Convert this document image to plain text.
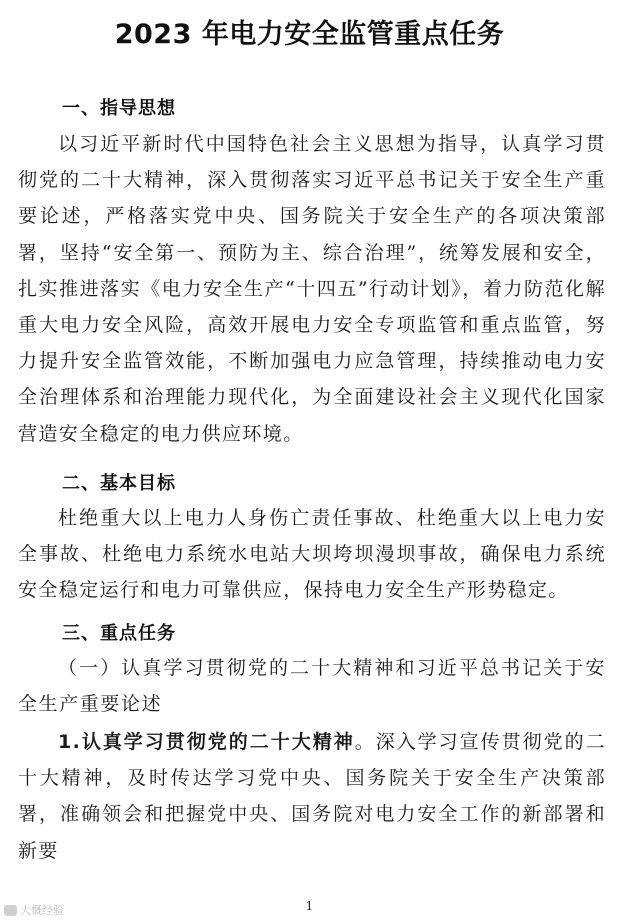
2023 年电力安全监管重点任务
一、指导思想

以习近平新时代中国特色社会主义思想为指导，认真学习贯彻党的二十大精神，深入贯彻落实习近平总书记关于安全生产重要论述，严格落实党中央、国务院关于安全生产的各项决策部署，坚持“安全第一、预防为主、综合治理”，统筹发展和安全，扎实推进落实《电力安全生产“十四五”行动计划》，着力防范化解重大电力安全风险，高效开展电力安全专项监管和重点监管，努力提升安全监管效能，不断加强电力应急管理，持续推动电力安全治理体系和治理能力现代化，为全面建设社会主义现代化国家营造安全稳定的电力供应环境。

二、基本目标

杜绝重大以上电力人身伤亡责任事故、杜绝重大以上电力安全事故、杜绝电力系统水电站大坝垮坝漫坝事故，确保电力系统安全稳定运行和电力可靠供应，保持电力安全生产形势稳定。

三、重点任务

（一）认真学习贯彻党的二十大精神和习近平总书记关于安全生产重要论述

1.认真学习贯彻党的二十大精神。深入学习宣传贯彻党的二十大精神，及时传达学习党中央、国务院关于安全生产决策部署，准确领会和把握党中央、国务院对电力安全工作的新部署和新要

大慨经验	1
